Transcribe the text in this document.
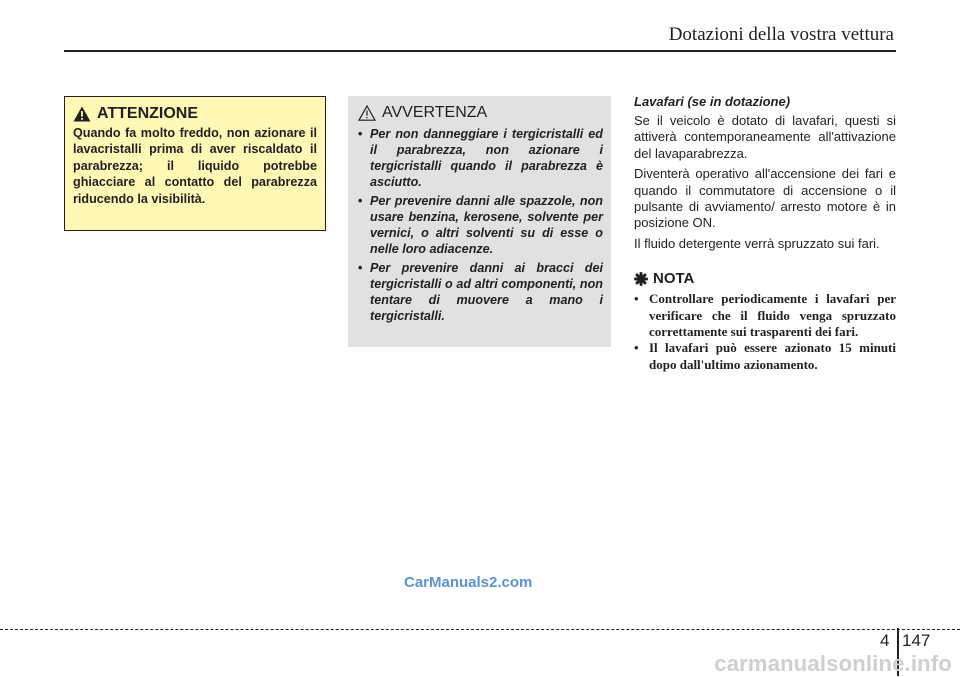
Dotazioni della vostra vettura
ATTENZIONE

Quando fa molto freddo, non azionare il lavacristalli prima di aver riscaldato il parabrezza; il liquido potrebbe ghiacciare al contatto del parabrezza riducendo la visibilità.

AVVERTENZA
• Per non danneggiare i tergicristalli ed il parabrezza, non azionare i tergicristalli quando il parabrezza è asciutto.
• Per prevenire danni alle spazzole, non usare benzina, kerosene, solvente per vernici, o altri solventi su di esse o nelle loro adiacenze.
• Per prevenire danni ai bracci dei tergicristalli o ad altri componenti, non tentare di muovere a mano i tergicristalli.

Lavafari (se in dotazione)

Se il veicolo è dotato di lavafari, questi si attiverà contemporaneamente all'attivazione del lavaparabrezza.

Diventerà operativo all'accensione dei fari e quando il commutatore di accensione o il pulsante di avviamento/ arresto motore è in posizione ON.

Il fluido detergente verrà spruzzato sui fari.

NOTA
• Controllare periodicamente i lavafari per verificare che il fluido venga spruzzato correttamente sui trasparenti dei fari.
• Il lavafari può essere azionato 15 minuti dopo dall'ultimo azionamento.
CarManuals2.com
4 147
carmanualsonline.info
